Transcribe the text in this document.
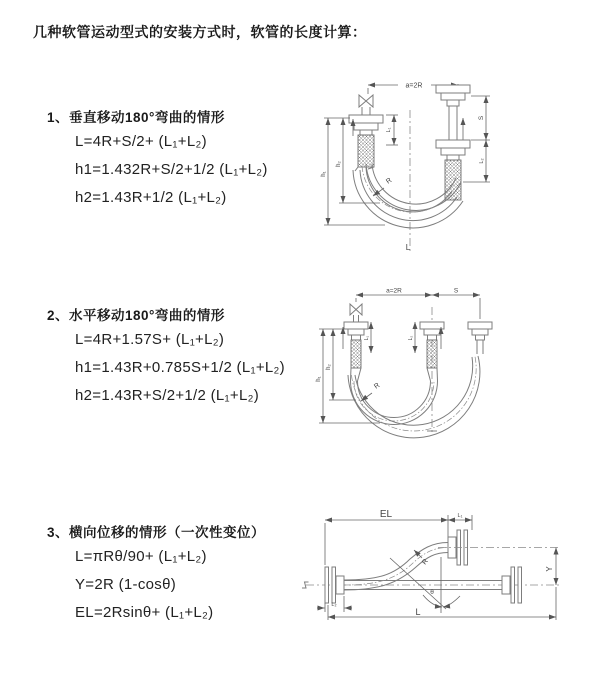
几种软管运动型式的安装方式时，软管的长度计算：
1、垂直移动180°弯曲的情形
L=4R+S/2+ (L₁+L₂)
h1=1.432R+S/2+1/2 (L₁+L₂)
h2=1.43R+1/2 (L₁+L₂)
2、水平移动180°弯曲的情形
L=4R+1.57S+ (L₁+L₂)
h1=1.43R+0.785S+1/2 (L₁+L₂)
h2=1.43R+S/2+1/2 (L₁+L₂)
3、横向位移的情形（一次性变位）
L=πRθ/90+ (L₁+L₂)
Y=2R (1-cosθ)
EL=2Rsinθ+ (L₁+L₂)
a=2R
L₁
S
L₂
R
L
h₁
h₂
a=2R	S
L₁	L₂
R
h₁
h₂
EL	L₁
Y
R
θ
L₂
L
